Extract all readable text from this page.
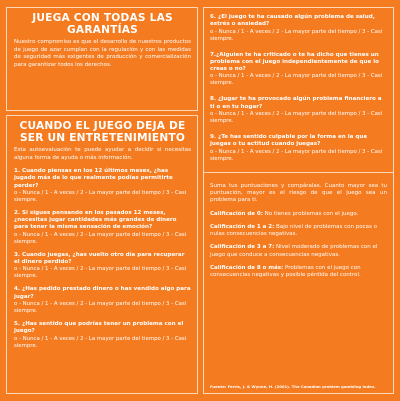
JUEGA CON TODAS LAS GARANTÍAS

Nuestro compromiso es que el desarrollo de nuestros productos de juego de azar cumplan con la regulación y con las medidas de seguridad más exigentes de producción y comercialización para garantizar todos los derechos.

CUANDO EL JUEGO DEJA DE SER UN ENTRETENIMIENTO

Esta autoevaluación te puede ayudar a decidir si necesitas alguna forma de ayuda o más información.

1. Cuando piensas en los 12 últimos meses, ¿has jugado más de lo que realmente podías permitirte perder?

o - Nunca / 1 - A veces / 2 - La mayor parte del tiempo / 3 - Casi siempre.

2. Si sigues pensando en los pasados 12 meses, ¿necesitas jugar cantidades más grandes de dinero para tener la misma sensación de emoción?

o - Nunca / 1 - A veces / 2 - La mayor parte del tiempo / 3 - Casi siempre.

3. Cuando juegas, ¿has vuelto otro día para recuperar el dinero perdido?

o - Nunca / 1 - A veces / 2 - La mayor parte del tiempo / 3 - Casi siempre.

4. ¿Has pedido prestado dinero o has vendido algo para jugar?

o - Nunca / 1 - A veces / 2 - La mayor parte del tiempo / 3 - Casi siempre.

5. ¿Has sentido que podrías tener un problema con el juego?

o - Nunca / 1 - A veces / 2 - La mayor parte del tiempo / 3 - Casi siempre.

6. ¿El juego te ha causado algún problema de salud, estrés o ansiedad?

o - Nunca / 1 - A veces / 2 - La mayor parte del tiempo / 3 - Casi siempre.

7.¿Alguien te ha criticado o te ha dicho que tienes un problema con el juego independientemente de que lo creas o no?

o - Nunca / 1 - A veces / 2 - La mayor parte del tiempo / 3 - Casi siempre.

8. ¿Jugar te ha provocado algún problema financiero a ti o en tu hogar?

o - Nunca / 1 - A veces / 2 - La mayor parte del tiempo / 3 - Casi siempre.

9. ¿Te has sentido culpable por la forma en la que juegas o tu actitud cuando juegas?

o - Nunca / 1 - A veces / 2 - La mayor parte del tiempo / 3 - Casi siempre.

Suma tus puntuaciones y compáralas. Cuanto mayor sea tu puntuación, mayor es el riesgo de que el juego sea un problema para ti.

Calificación de 0: No tienes problemas con el juego.

Calificación de 1 a 2: Bajo nivel de problemas con pocas o nulas consecuencias negativas.

Calificación de 3 a 7: Nivel moderado de problemas con el juego que conduce a consecuencias negativas.

Calificación de 8 o más: Problemas con el juego con consecuencias negativas y posible pérdida del control.

Fuente: Ferris, J. & Wynne, H. (2001). The Canadian problem gambling index.
